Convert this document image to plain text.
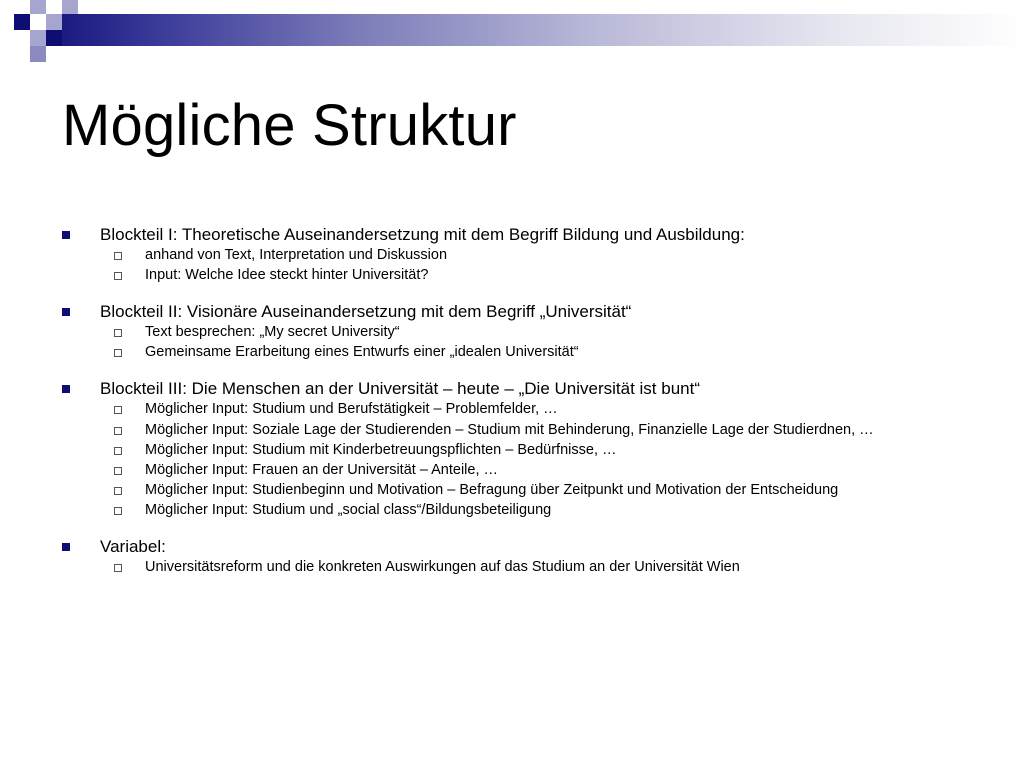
Mögliche Struktur
Blockteil I: Theoretische Auseinandersetzung mit dem Begriff Bildung und Ausbildung:
anhand von Text, Interpretation und Diskussion
Input: Welche Idee steckt hinter Universität?
Blockteil II: Visionäre Auseinandersetzung mit dem Begriff „Universität“
Text besprechen: „My secret University“
Gemeinsame Erarbeitung eines Entwurfs einer „idealen Universität“
Blockteil III: Die Menschen an der Universität – heute – „Die Universität ist bunt“
Möglicher Input: Studium und Berufstätigkeit – Problemfelder, …
Möglicher Input: Soziale Lage der Studierenden – Studium mit Behinderung, Finanzielle Lage der Studierdnen, …
Möglicher Input: Studium mit Kinderbetreuungspflichten – Bedürfnisse, …
Möglicher Input: Frauen an der Universität – Anteile, …
Möglicher Input: Studienbeginn und Motivation – Befragung über Zeitpunkt und Motivation der Entscheidung
Möglicher Input: Studium und „social class“/Bildungsbeteiligung
Variabel:
Universitätsreform und die konkreten Auswirkungen auf das Studium an der Universität Wien
